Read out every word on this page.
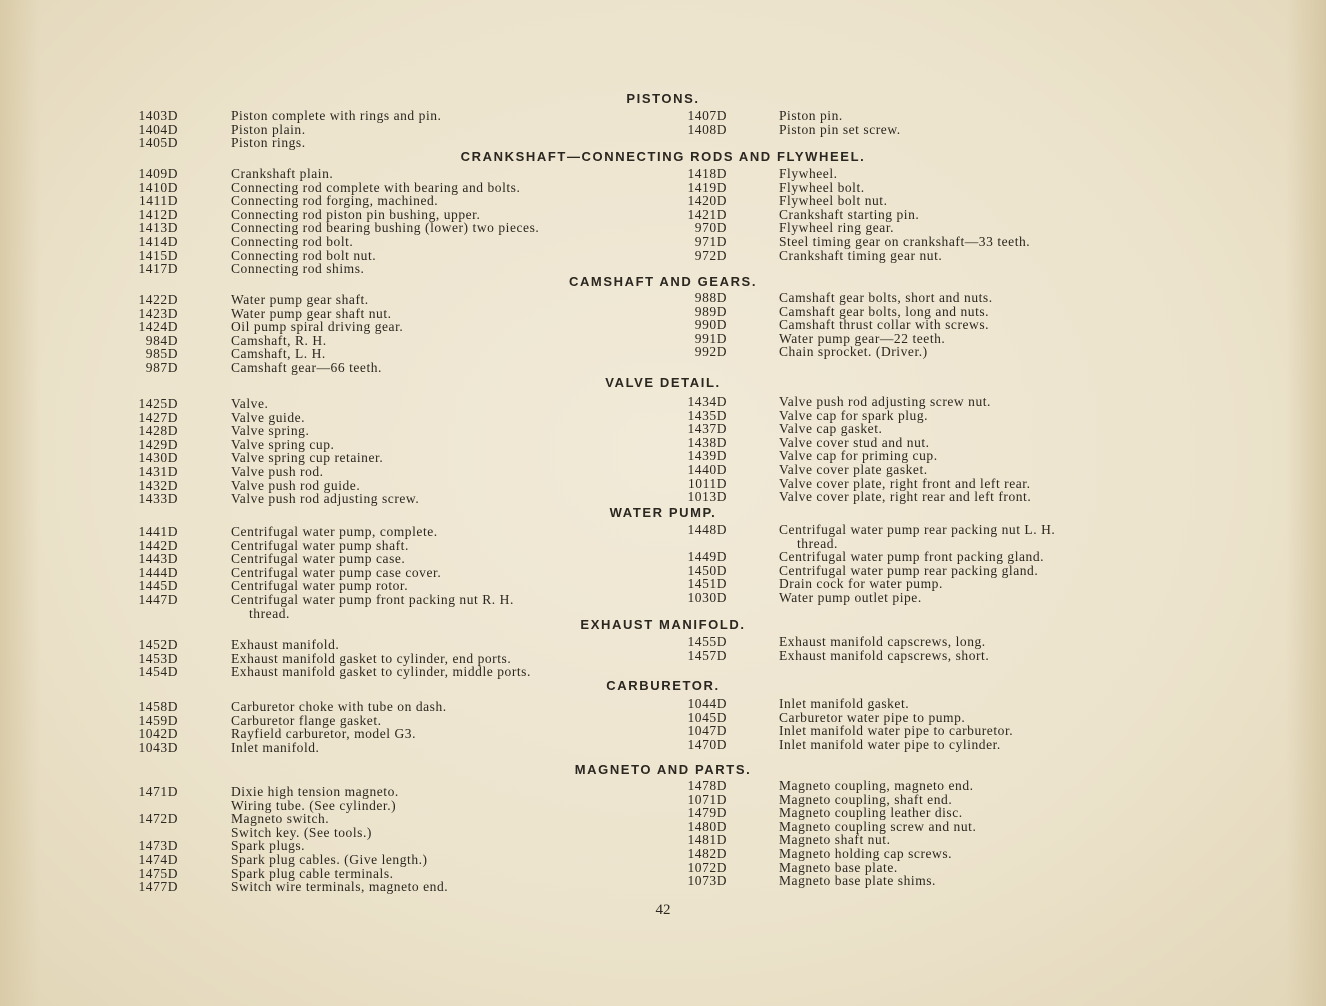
PISTONS.
1403D	Piston complete with rings and pin.
1404D	Piston plain.
1405D	Piston rings.
1407D	Piston pin.
1408D	Piston pin set screw.
CRANKSHAFT—CONNECTING RODS AND FLYWHEEL.
1409D	Crankshaft plain.
1410D	Connecting rod complete with bearing and bolts.
1411D	Connecting rod forging, machined.
1412D	Connecting rod piston pin bushing, upper.
1413D	Connecting rod bearing bushing (lower) two pieces.
1414D	Connecting rod bolt.
1415D	Connecting rod bolt nut.
1417D	Connecting rod shims.
1418D	Flywheel.
1419D	Flywheel bolt.
1420D	Flywheel bolt nut.
1421D	Crankshaft starting pin.
970D	Flywheel ring gear.
971D	Steel timing gear on crankshaft—33 teeth.
972D	Crankshaft timing gear nut.
CAMSHAFT AND GEARS.
1422D	Water pump gear shaft.
1423D	Water pump gear shaft nut.
1424D	Oil pump spiral driving gear.
984D	Camshaft, R. H.
985D	Camshaft, L. H.
987D	Camshaft gear—66 teeth.
988D	Camshaft gear bolts, short and nuts.
989D	Camshaft gear bolts, long and nuts.
990D	Camshaft thrust collar with screws.
991D	Water pump gear—22 teeth.
992D	Chain sprocket. (Driver.)
VALVE DETAIL.
1425D	Valve.
1427D	Valve guide.
1428D	Valve spring.
1429D	Valve spring cup.
1430D	Valve spring cup retainer.
1431D	Valve push rod.
1432D	Valve push rod guide.
1433D	Valve push rod adjusting screw.
1434D	Valve push rod adjusting screw nut.
1435D	Valve cap for spark plug.
1437D	Valve cap gasket.
1438D	Valve cover stud and nut.
1439D	Valve cap for priming cup.
1440D	Valve cover plate gasket.
1011D	Valve cover plate, right front and left rear.
1013D	Valve cover plate, right rear and left front.
WATER PUMP.
1441D	Centrifugal water pump, complete.
1442D	Centrifugal water pump shaft.
1443D	Centrifugal water pump case.
1444D	Centrifugal water pump case cover.
1445D	Centrifugal water pump rotor.
1447D	Centrifugal water pump front packing nut R. H.
thread.
1448D	Centrifugal water pump rear packing nut L. H.
thread.
1449D	Centrifugal water pump front packing gland.
1450D	Centrifugal water pump rear packing gland.
1451D	Drain cock for water pump.
1030D	Water pump outlet pipe.
EXHAUST MANIFOLD.
1452D	Exhaust manifold.
1453D	Exhaust manifold gasket to cylinder, end ports.
1454D	Exhaust manifold gasket to cylinder, middle ports.
1455D	Exhaust manifold capscrews, long.
1457D	Exhaust manifold capscrews, short.
CARBURETOR.
1458D	Carburetor choke with tube on dash.
1459D	Carburetor flange gasket.
1042D	Rayfield carburetor, model G3.
1043D	Inlet manifold.
1044D	Inlet manifold gasket.
1045D	Carburetor water pipe to pump.
1047D	Inlet manifold water pipe to carburetor.
1470D	Inlet manifold water pipe to cylinder.
MAGNETO AND PARTS.
1471D	Dixie high tension magneto.
Wiring tube. (See cylinder.)
1472D	Magneto switch.
Switch key. (See tools.)
1473D	Spark plugs.
1474D	Spark plug cables. (Give length.)
1475D	Spark plug cable terminals.
1477D	Switch wire terminals, magneto end.
1478D	Magneto coupling, magneto end.
1071D	Magneto coupling, shaft end.
1479D	Magneto coupling leather disc.
1480D	Magneto coupling screw and nut.
1481D	Magneto shaft nut.
1482D	Magneto holding cap screws.
1072D	Magneto base plate.
1073D	Magneto base plate shims.
42
